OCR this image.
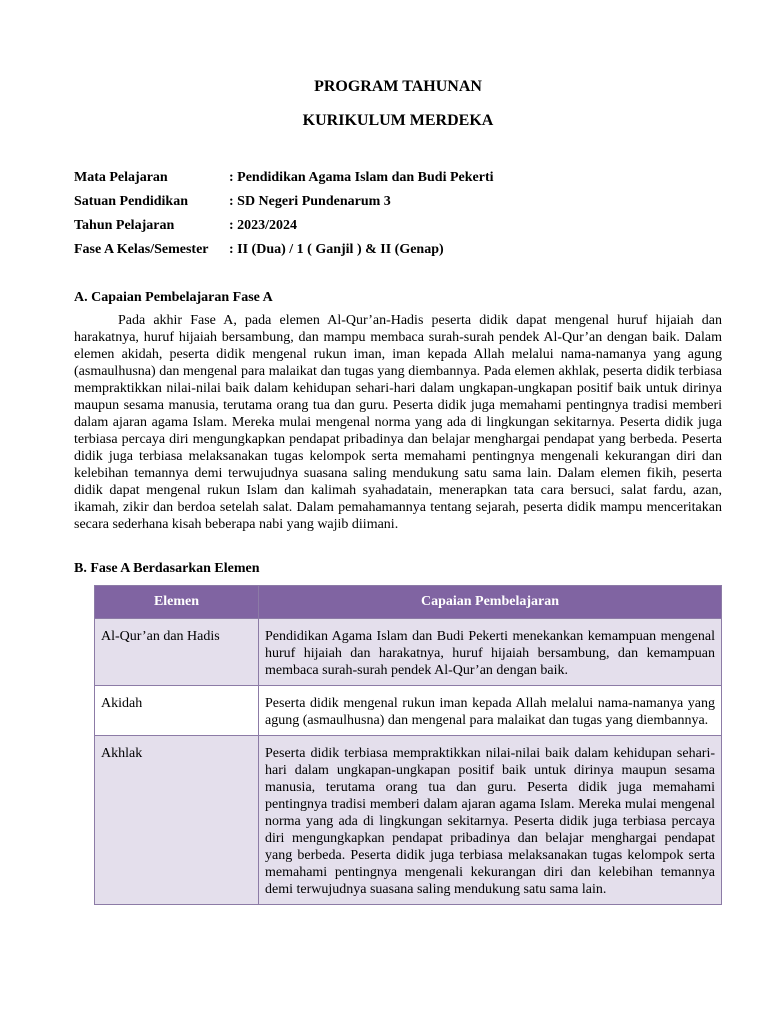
PROGRAM TAHUNAN
KURIKULUM MERDEKA
Mata Pelajaran	: Pendidikan Agama Islam dan Budi Pekerti
Satuan Pendidikan	: SD Negeri Pundenarum 3
Tahun Pelajaran	: 2023/2024
Fase A Kelas/Semester	: II (Dua) / 1 ( Ganjil ) & II (Genap)
A. Capaian Pembelajaran Fase A
Pada akhir Fase A, pada elemen Al-Qur’an-Hadis peserta didik dapat mengenal huruf hijaiah dan harakatnya, huruf hijaiah bersambung, dan mampu membaca surah-surah pendek Al-Qur’an dengan baik. Dalam elemen akidah, peserta didik mengenal rukun iman, iman kepada Allah melalui nama-namanya yang agung (asmaulhusna) dan mengenal para malaikat dan tugas yang diembannya. Pada elemen akhlak, peserta didik terbiasa mempraktikkan nilai-nilai baik dalam kehidupan sehari-hari dalam ungkapan-ungkapan positif baik untuk dirinya maupun sesama manusia, terutama orang tua dan guru. Peserta didik juga memahami pentingnya tradisi memberi dalam ajaran agama Islam. Mereka mulai mengenal norma yang ada di lingkungan sekitarnya. Peserta didik juga terbiasa percaya diri mengungkapkan pendapat pribadinya dan belajar menghargai pendapat yang berbeda. Peserta didik juga terbiasa melaksanakan tugas kelompok serta memahami pentingnya mengenali kekurangan diri dan kelebihan temannya demi terwujudnya suasana saling mendukung satu sama lain. Dalam elemen fikih, peserta didik dapat mengenal rukun Islam dan kalimah syahadatain, menerapkan tata cara bersuci, salat fardu, azan, ikamah, zikir dan berdoa setelah salat. Dalam pemahamannya tentang sejarah, peserta didik mampu menceritakan secara sederhana kisah beberapa nabi yang wajib diimani.
B. Fase A Berdasarkan Elemen
Elemen	Capaian Pembelajaran
Al-Qur’an dan Hadis	Pendidikan Agama Islam dan Budi Pekerti menekankan kemampuan mengenal huruf hijaiah dan harakatnya, huruf hijaiah bersambung, dan kemampuan membaca surah-surah pendek Al-Qur’an dengan baik.
Akidah	Peserta didik mengenal rukun iman kepada Allah melalui nama-namanya yang agung (asmaulhusna) dan mengenal para malaikat dan tugas yang diembannya.
Akhlak	Peserta didik terbiasa mempraktikkan nilai-nilai baik dalam kehidupan sehari-hari dalam ungkapan-ungkapan positif baik untuk dirinya maupun sesama manusia, terutama orang tua dan guru. Peserta didik juga memahami pentingnya tradisi memberi dalam ajaran agama Islam. Mereka mulai mengenal norma yang ada di lingkungan sekitarnya. Peserta didik juga terbiasa percaya diri mengungkapkan pendapat pribadinya dan belajar menghargai pendapat yang berbeda. Peserta didik juga terbiasa melaksanakan tugas kelompok serta memahami pentingnya mengenali kekurangan diri dan kelebihan temannya demi terwujudnya suasana saling mendukung satu sama lain.
